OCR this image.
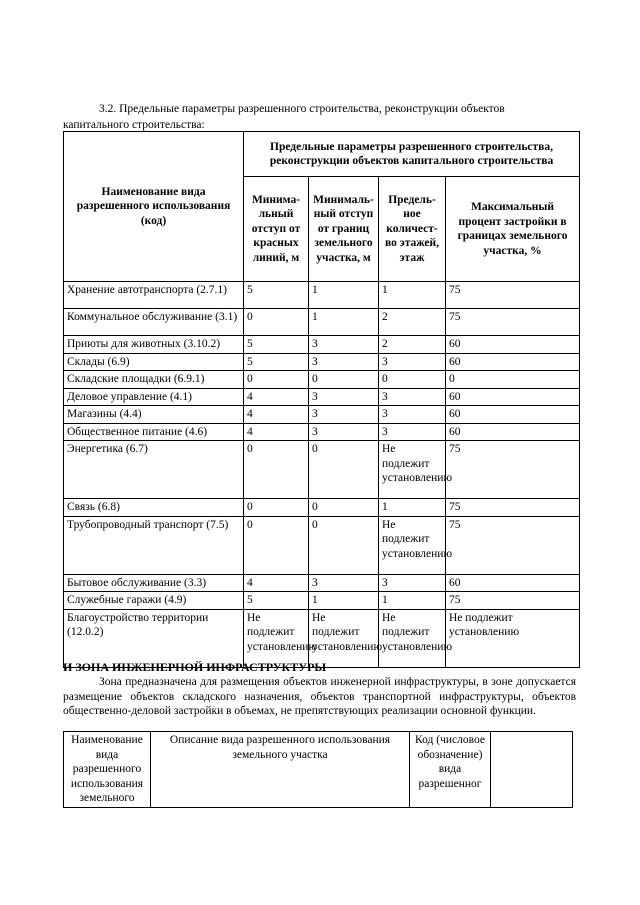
3.2. Предельные параметры разрешенного строительства, реконструкции объектов
капитального строительства:
Наименование вида разрешенного использования (код)	Предельные параметры разрешенного строительства, реконструкции объектов капитального строительства			
	Минима-льный отступ от красных линий, м	Минималь-ный отступ от границ земельного участка, м	Предель-ное количест-во этажей, этаж	Максимальный процент застройки в границах земельного участка, %
Хранение автотранспорта (2.7.1)	5	1	1	75
Коммунальное обслуживание (3.1)	0	1	2	75
Приюты для животных (3.10.2)	5	3	2	60
Склады (6.9)	5	3	3	60
Складские площадки (6.9.1)	0	0	0	0
Деловое управление (4.1)	4	3	3	60
Магазины (4.4)	4	3	3	60
Общественное питание (4.6)	4	3	3	60
Энергетика (6.7)	0	0	Не подлежит установлению	75
Связь (6.8)	0	0	1	75
Трубопроводный транспорт (7.5)	0	0	Не подлежит установлению	75
Бытовое обслуживание (3.3)	4	3	3	60
Служебные гаражи (4.9)	5	1	1	75
Благоустройство территории (12.0.2)	Не подлежит установлению	Не подлежит установлению	Не подлежит установлению	Не подлежит установлению
И ЗОНА ИНЖЕНЕРНОЙ ИНФРАСТРУКТУРЫ
Зона предназначена для размещения объектов инженерной инфраструктуры, в зоне допускается размещение объектов складского назначения, объектов транспортной инфраструктуры, объектов общественно-деловой застройки в объемах, не препятствующих реализации основной функции.
Наименование вида разрешенного использования земельного	Описание вида разрешенного использования земельного участка	Код (числовое обозначение) вида разрешенног	
